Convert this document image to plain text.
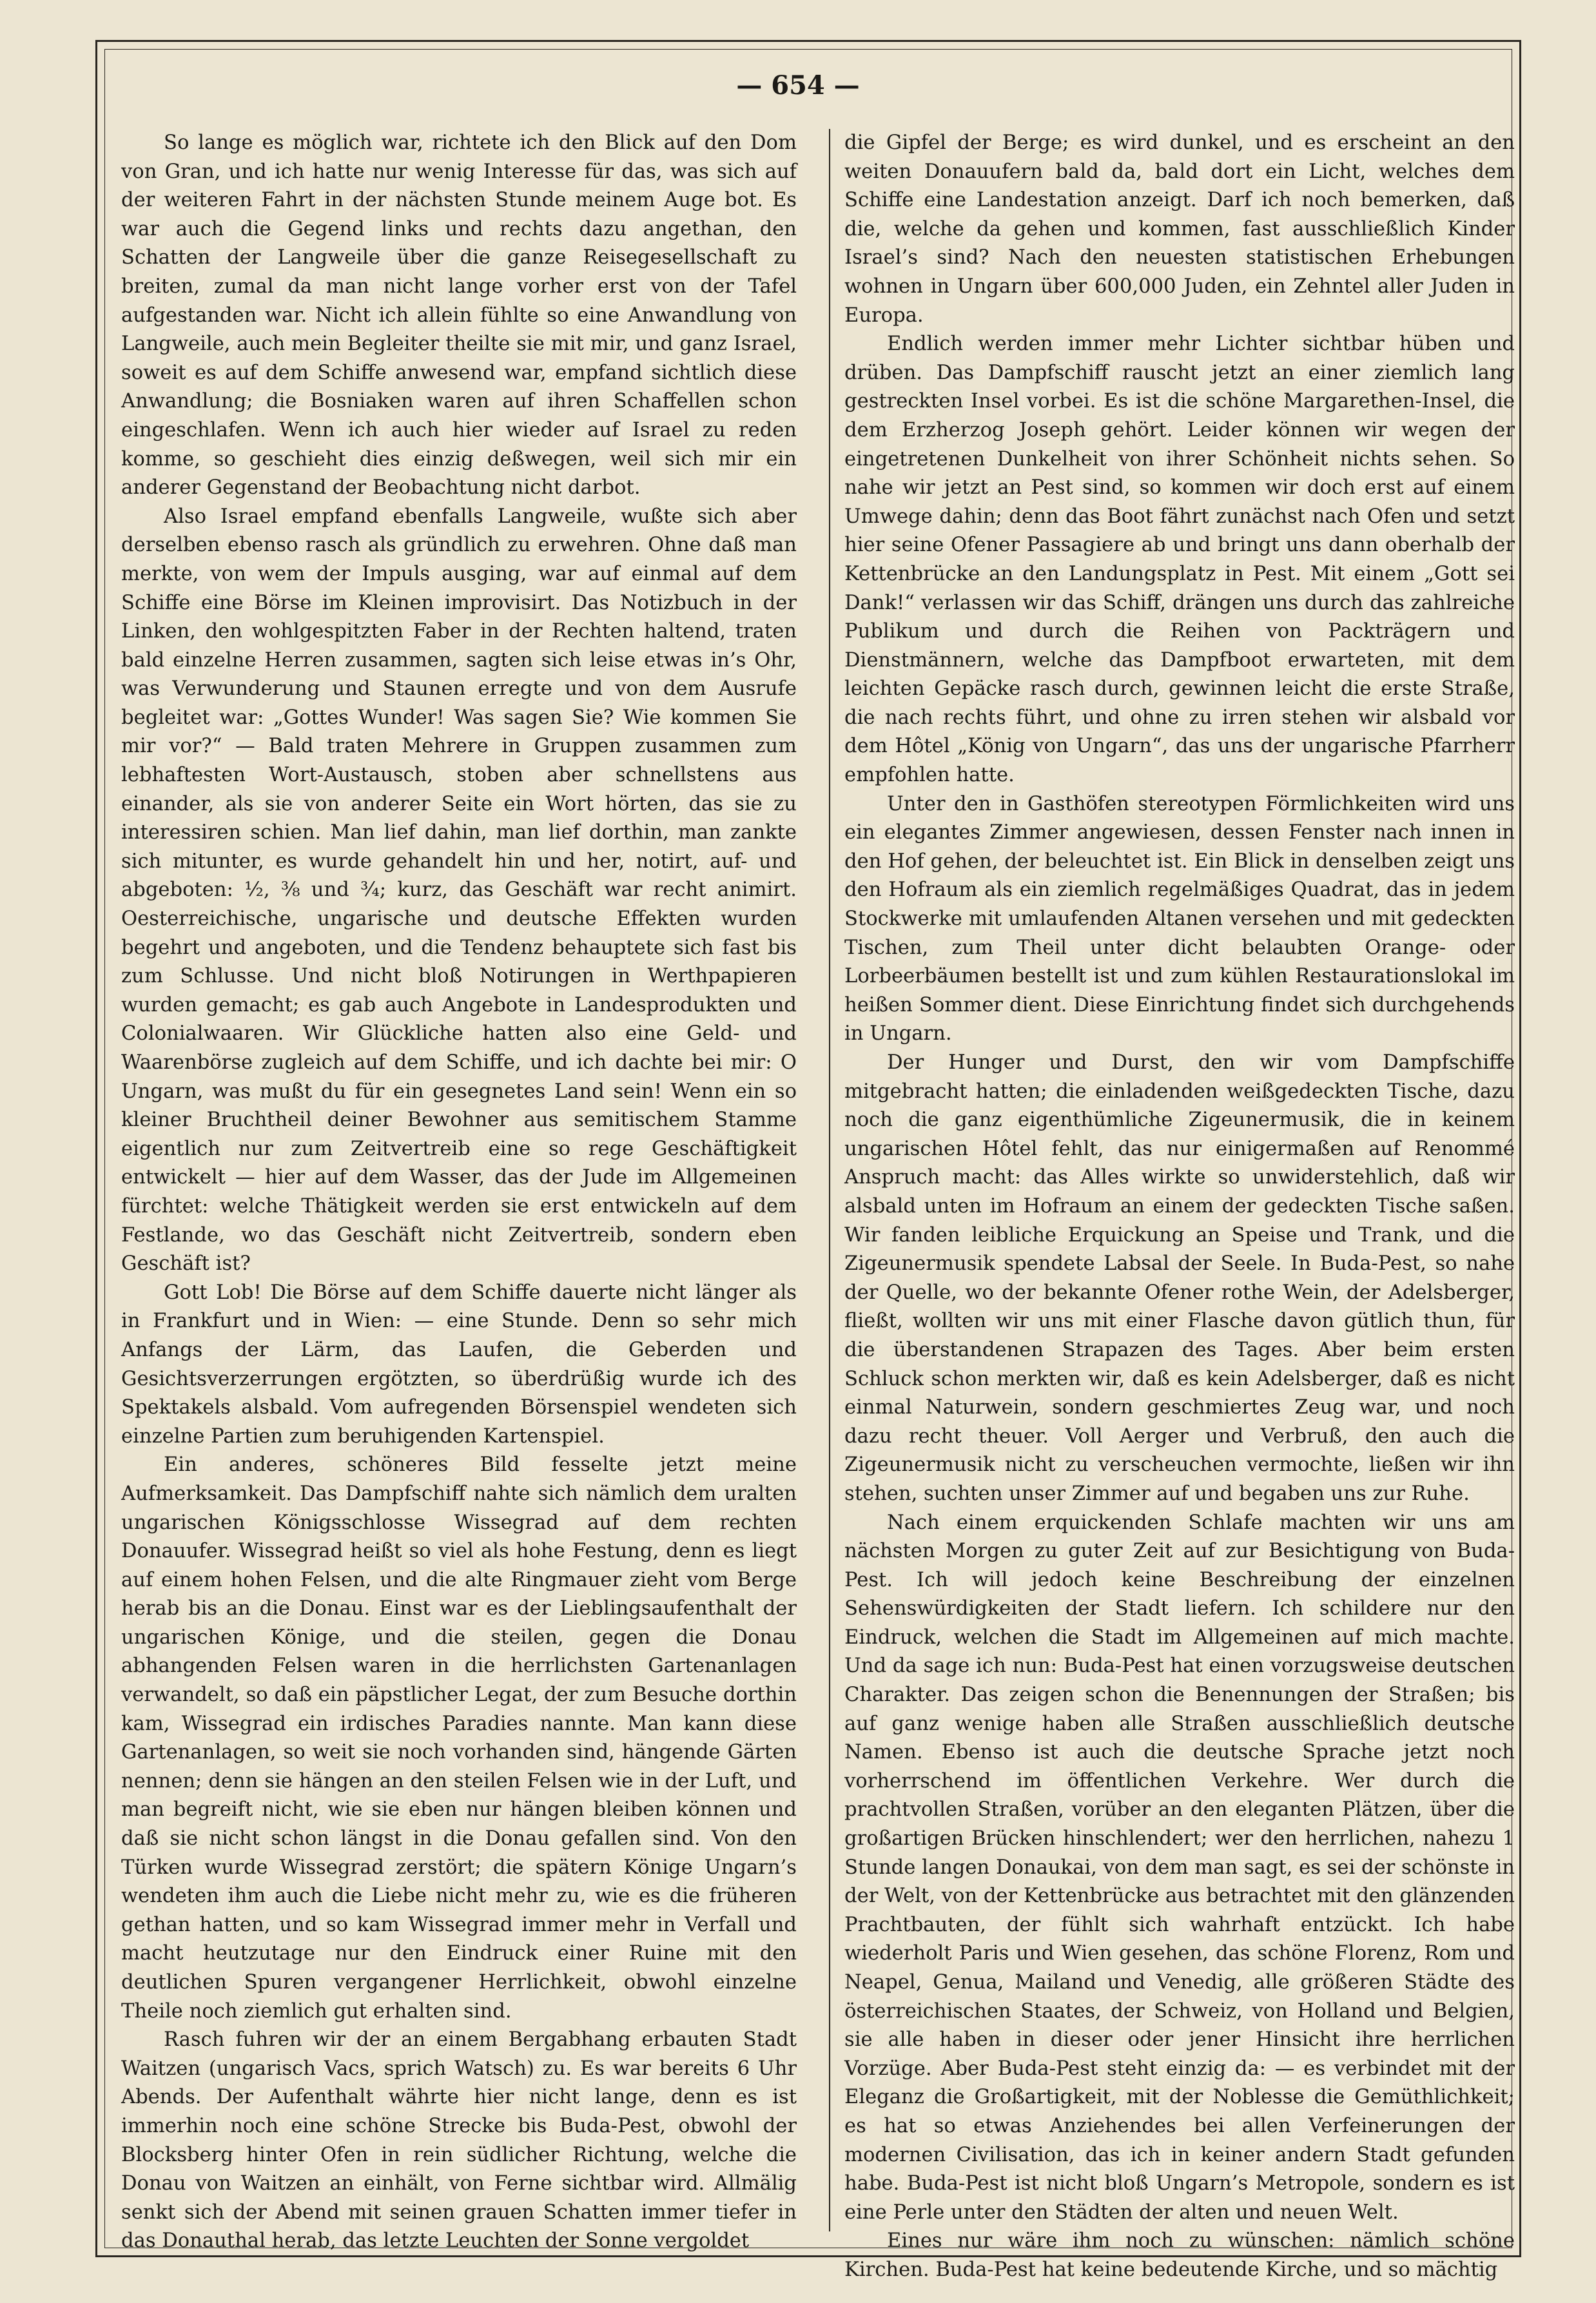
— 654 —

So lange es möglich war, richtete ich den Blick auf den Dom von Gran, und ich hatte nur wenig Interesse für das, was sich auf der weiteren Fahrt in der nächsten Stunde meinem Auge bot. Es war auch die Gegend links und rechts dazu angethan, den Schatten der Langweile über die ganze Reisegesellschaft zu breiten, zumal da man nicht lange vorher erst von der Tafel aufgestanden war. Nicht ich allein fühlte so eine Anwandlung von Langweile, auch mein Begleiter theilte sie mit mir, und ganz Israel, soweit es auf dem Schiffe anwesend war, empfand sichtlich diese Anwandlung; die Bosniaken waren auf ihren Schaffellen schon eingeschlafen. Wenn ich auch hier wieder auf Israel zu reden komme, so geschieht dies einzig deßwegen, weil sich mir ein anderer Gegenstand der Beobachtung nicht darbot.

Also Israel empfand ebenfalls Langweile, wußte sich aber derselben ebenso rasch als gründlich zu erwehren. Ohne daß man merkte, von wem der Impuls ausging, war auf einmal auf dem Schiffe eine Börse im Kleinen improvisirt. Das Notizbuch in der Linken, den wohlgespitzten Faber in der Rechten haltend, traten bald einzelne Herren zusammen, sagten sich leise etwas in’s Ohr, was Verwunderung und Staunen erregte und von dem Ausrufe begleitet war: „Gottes Wunder! Was sagen Sie? Wie kommen Sie mir vor?“ — Bald traten Mehrere in Gruppen zusammen zum lebhaftesten Wort-Austausch, stoben aber schnellstens aus einander, als sie von anderer Seite ein Wort hörten, das sie zu interessiren schien. Man lief dahin, man lief dorthin, man zankte sich mitunter, es wurde gehandelt hin und her, notirt, auf- und abgeboten: ½, ⅜ und ¾; kurz, das Geschäft war recht animirt. Oesterreichische, ungarische und deutsche Effekten wurden begehrt und angeboten, und die Tendenz behauptete sich fast bis zum Schlusse. Und nicht bloß Notirungen in Werthpapieren wurden gemacht; es gab auch Angebote in Landesprodukten und Colonialwaaren. Wir Glückliche hatten also eine Geld- und Waarenbörse zugleich auf dem Schiffe, und ich dachte bei mir: O Ungarn, was mußt du für ein gesegnetes Land sein! Wenn ein so kleiner Bruchtheil deiner Bewohner aus semitischem Stamme eigentlich nur zum Zeitvertreib eine so rege Geschäftigkeit entwickelt — hier auf dem Wasser, das der Jude im Allgemeinen fürchtet: welche Thätigkeit werden sie erst entwickeln auf dem Festlande, wo das Geschäft nicht Zeitvertreib, sondern eben Geschäft ist?

Gott Lob! Die Börse auf dem Schiffe dauerte nicht länger als in Frankfurt und in Wien: — eine Stunde. Denn so sehr mich Anfangs der Lärm, das Laufen, die Geberden und Gesichtsverzerrungen ergötzten, so überdrüßig wurde ich des Spektakels alsbald. Vom aufregenden Börsenspiel wendeten sich einzelne Partien zum beruhigenden Kartenspiel.

Ein anderes, schöneres Bild fesselte jetzt meine Aufmerksamkeit. Das Dampfschiff nahte sich nämlich dem uralten ungarischen Königsschlosse Wissegrad auf dem rechten Donauufer. Wissegrad heißt so viel als hohe Festung, denn es liegt auf einem hohen Felsen, und die alte Ringmauer zieht vom Berge herab bis an die Donau. Einst war es der Lieblingsaufenthalt der ungarischen Könige, und die steilen, gegen die Donau abhangenden Felsen waren in die herrlichsten Gartenanlagen verwandelt, so daß ein päpstlicher Legat, der zum Besuche dorthin kam, Wissegrad ein irdisches Paradies nannte. Man kann diese Gartenanlagen, so weit sie noch vorhanden sind, hängende Gärten nennen; denn sie hängen an den steilen Felsen wie in der Luft, und man begreift nicht, wie sie eben nur hängen bleiben können und daß sie nicht schon längst in die Donau gefallen sind. Von den Türken wurde Wissegrad zerstört; die spätern Könige Ungarn’s wendeten ihm auch die Liebe nicht mehr zu, wie es die früheren gethan hatten, und so kam Wissegrad immer mehr in Verfall und macht heutzutage nur den Eindruck einer Ruine mit den deutlichen Spuren vergangener Herrlichkeit, obwohl einzelne Theile noch ziemlich gut erhalten sind.

Rasch fuhren wir der an einem Bergabhang erbauten Stadt Waitzen (ungarisch Vacs, sprich Watsch) zu. Es war bereits 6 Uhr Abends. Der Aufenthalt währte hier nicht lange, denn es ist immerhin noch eine schöne Strecke bis Buda-Pest, obwohl der Blocksberg hinter Ofen in rein südlicher Richtung, welche die Donau von Waitzen an einhält, von Ferne sichtbar wird. Allmälig senkt sich der Abend mit seinen grauen Schatten immer tiefer in das Donauthal herab, das letzte Leuchten der Sonne vergoldet

die Gipfel der Berge; es wird dunkel, und es erscheint an den weiten Donauufern bald da, bald dort ein Licht, welches dem Schiffe eine Landestation anzeigt. Darf ich noch bemerken, daß die, welche da gehen und kommen, fast ausschließlich Kinder Israel’s sind? Nach den neuesten statistischen Erhebungen wohnen in Ungarn über 600,000 Juden, ein Zehntel aller Juden in Europa.

Endlich werden immer mehr Lichter sichtbar hüben und drüben. Das Dampfschiff rauscht jetzt an einer ziemlich lang gestreckten Insel vorbei. Es ist die schöne Margarethen-Insel, die dem Erzherzog Joseph gehört. Leider können wir wegen der eingetretenen Dunkelheit von ihrer Schönheit nichts sehen. So nahe wir jetzt an Pest sind, so kommen wir doch erst auf einem Umwege dahin; denn das Boot fährt zunächst nach Ofen und setzt hier seine Ofener Passagiere ab und bringt uns dann oberhalb der Kettenbrücke an den Landungsplatz in Pest. Mit einem „Gott sei Dank!“ verlassen wir das Schiff, drängen uns durch das zahlreiche Publikum und durch die Reihen von Packträgern und Dienstmännern, welche das Dampfboot erwarteten, mit dem leichten Gepäcke rasch durch, gewinnen leicht die erste Straße, die nach rechts führt, und ohne zu irren stehen wir alsbald vor dem Hôtel „König von Ungarn“, das uns der ungarische Pfarrherr empfohlen hatte.

Unter den in Gasthöfen stereotypen Förmlichkeiten wird uns ein elegantes Zimmer angewiesen, dessen Fenster nach innen in den Hof gehen, der beleuchtet ist. Ein Blick in denselben zeigt uns den Hofraum als ein ziemlich regelmäßiges Quadrat, das in jedem Stockwerke mit umlaufenden Altanen versehen und mit gedeckten Tischen, zum Theil unter dicht belaubten Orange- oder Lorbeerbäumen bestellt ist und zum kühlen Restaurationslokal im heißen Sommer dient. Diese Einrichtung findet sich durchgehends in Ungarn.

Der Hunger und Durst, den wir vom Dampfschiffe mitgebracht hatten; die einladenden weißgedeckten Tische, dazu noch die ganz eigenthümliche Zigeunermusik, die in keinem ungarischen Hôtel fehlt, das nur einigermaßen auf Renommé Anspruch macht: das Alles wirkte so unwiderstehlich, daß wir alsbald unten im Hofraum an einem der gedeckten Tische saßen. Wir fanden leibliche Erquickung an Speise und Trank, und die Zigeunermusik spendete Labsal der Seele. In Buda-Pest, so nahe der Quelle, wo der bekannte Ofener rothe Wein, der Adelsberger, fließt, wollten wir uns mit einer Flasche davon gütlich thun, für die überstandenen Strapazen des Tages. Aber beim ersten Schluck schon merkten wir, daß es kein Adelsberger, daß es nicht einmal Naturwein, sondern geschmiertes Zeug war, und noch dazu recht theuer. Voll Aerger und Verbruß, den auch die Zigeunermusik nicht zu verscheuchen vermochte, ließen wir ihn stehen, suchten unser Zimmer auf und begaben uns zur Ruhe.

Nach einem erquickenden Schlafe machten wir uns am nächsten Morgen zu guter Zeit auf zur Besichtigung von Buda-Pest. Ich will jedoch keine Beschreibung der einzelnen Sehenswürdigkeiten der Stadt liefern. Ich schildere nur den Eindruck, welchen die Stadt im Allgemeinen auf mich machte. Und da sage ich nun: Buda-Pest hat einen vorzugsweise deutschen Charakter. Das zeigen schon die Benennungen der Straßen; bis auf ganz wenige haben alle Straßen ausschließlich deutsche Namen. Ebenso ist auch die deutsche Sprache jetzt noch vorherrschend im öffentlichen Verkehre. Wer durch die prachtvollen Straßen, vorüber an den eleganten Plätzen, über die großartigen Brücken hinschlendert; wer den herrlichen, nahezu 1 Stunde langen Donaukai, von dem man sagt, es sei der schönste in der Welt, von der Kettenbrücke aus betrachtet mit den glänzenden Prachtbauten, der fühlt sich wahrhaft entzückt. Ich habe wiederholt Paris und Wien gesehen, das schöne Florenz, Rom und Neapel, Genua, Mailand und Venedig, alle größeren Städte des österreichischen Staates, der Schweiz, von Holland und Belgien, sie alle haben in dieser oder jener Hinsicht ihre herrlichen Vorzüge. Aber Buda-Pest steht einzig da: — es verbindet mit der Eleganz die Großartigkeit, mit der Noblesse die Gemüthlichkeit; es hat so etwas Anziehendes bei allen Verfeinerungen der modernen Civilisation, das ich in keiner andern Stadt gefunden habe. Buda-Pest ist nicht bloß Ungarn’s Metropole, sondern es ist eine Perle unter den Städten der alten und neuen Welt.

Eines nur wäre ihm noch zu wünschen: nämlich schöne Kirchen. Buda-Pest hat keine bedeutende Kirche, und so mächtig
